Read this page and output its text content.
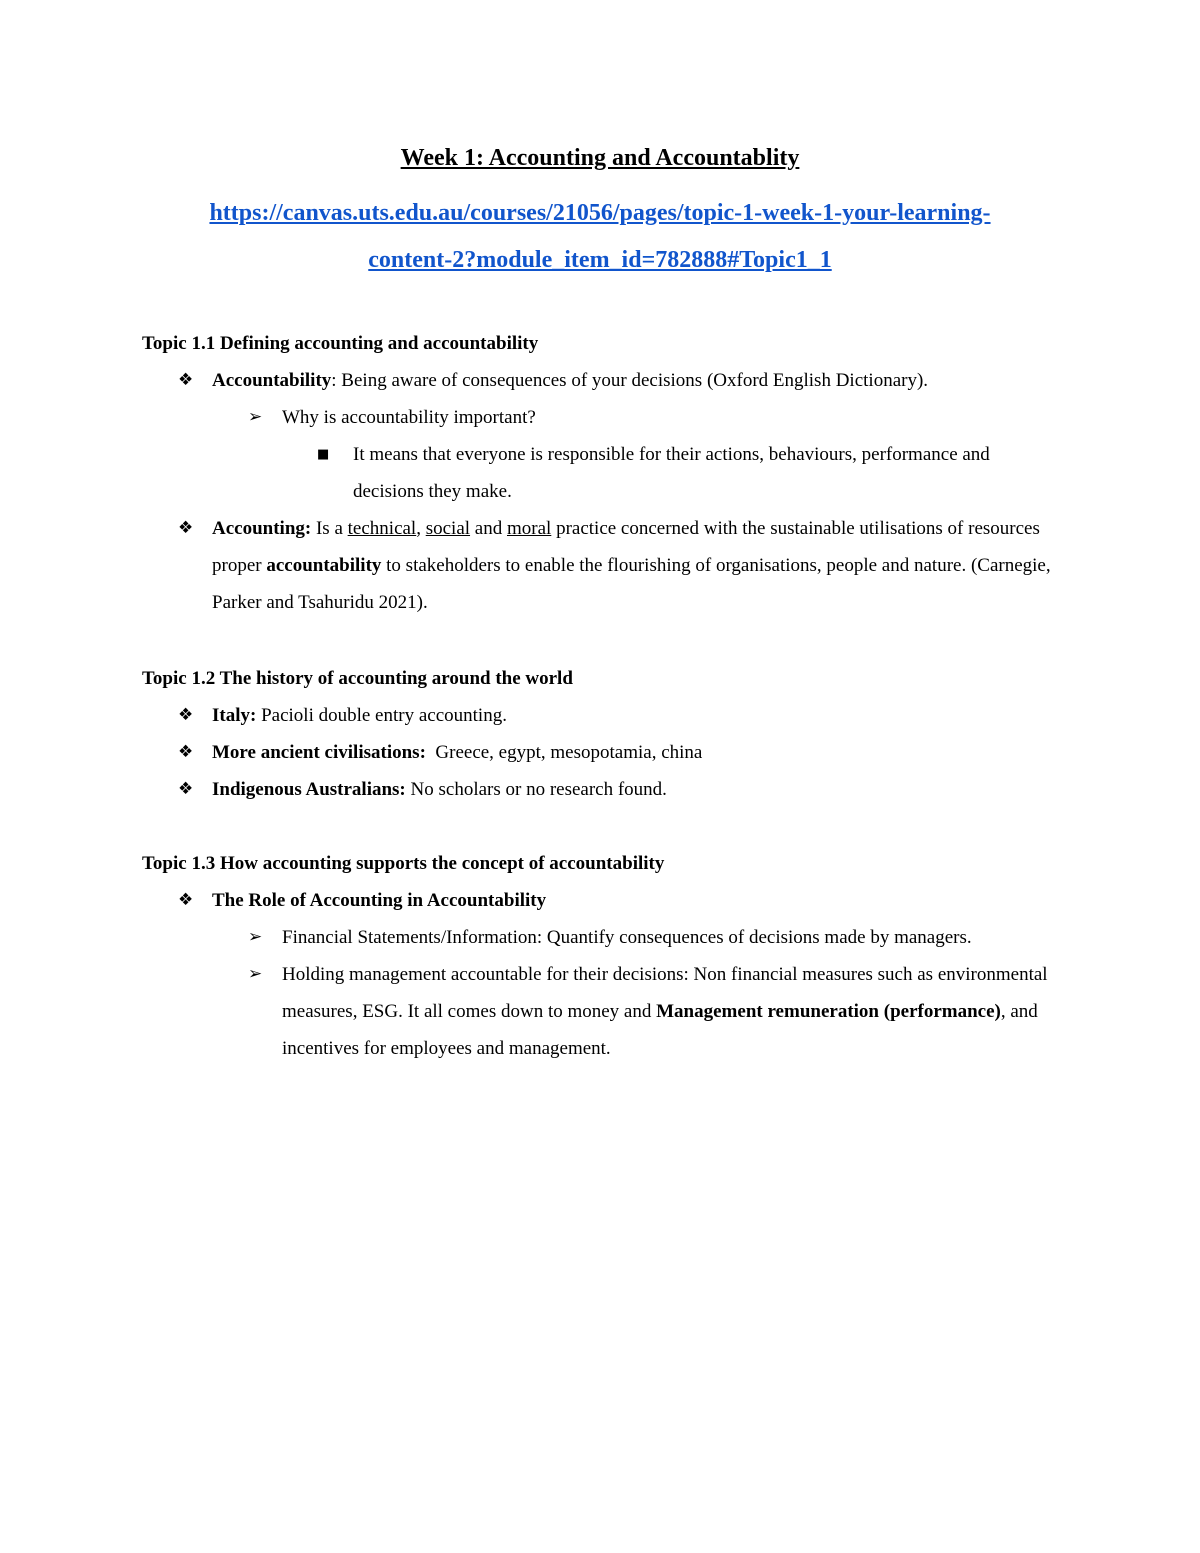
Week 1: Accounting and Accountablity
https://canvas.uts.edu.au/courses/21056/pages/topic-1-week-1-your-learning-
content-2?module_item_id=782888#Topic1_1

Topic 1.1 Defining accounting and accountability

❖ Accountability: Being aware of consequences of your decisions (Oxford English Dictionary).

➢ Why is accountability important?

■ It means that everyone is responsible for their actions, behaviours, performance and decisions they make.

❖ Accounting: Is a technical, social and moral practice concerned with the sustainable utilisations of resources proper accountability to stakeholders to enable the flourishing of organisations, people and nature. (Carnegie, Parker and Tsahuridu 2021).

Topic 1.2 The history of accounting around the world

❖ Italy: Pacioli double entry accounting.

❖ More ancient civilisations:  Greece, egypt, mesopotamia, china

❖ Indigenous Australians: No scholars or no research found.

Topic 1.3 How accounting supports the concept of accountability

❖ The Role of Accounting in Accountability

➢ Financial Statements/Information: Quantify consequences of decisions made by managers.

➢ Holding management accountable for their decisions: Non financial measures such as environmental measures, ESG. It all comes down to money and Management remuneration (performance), and incentives for employees and management.
